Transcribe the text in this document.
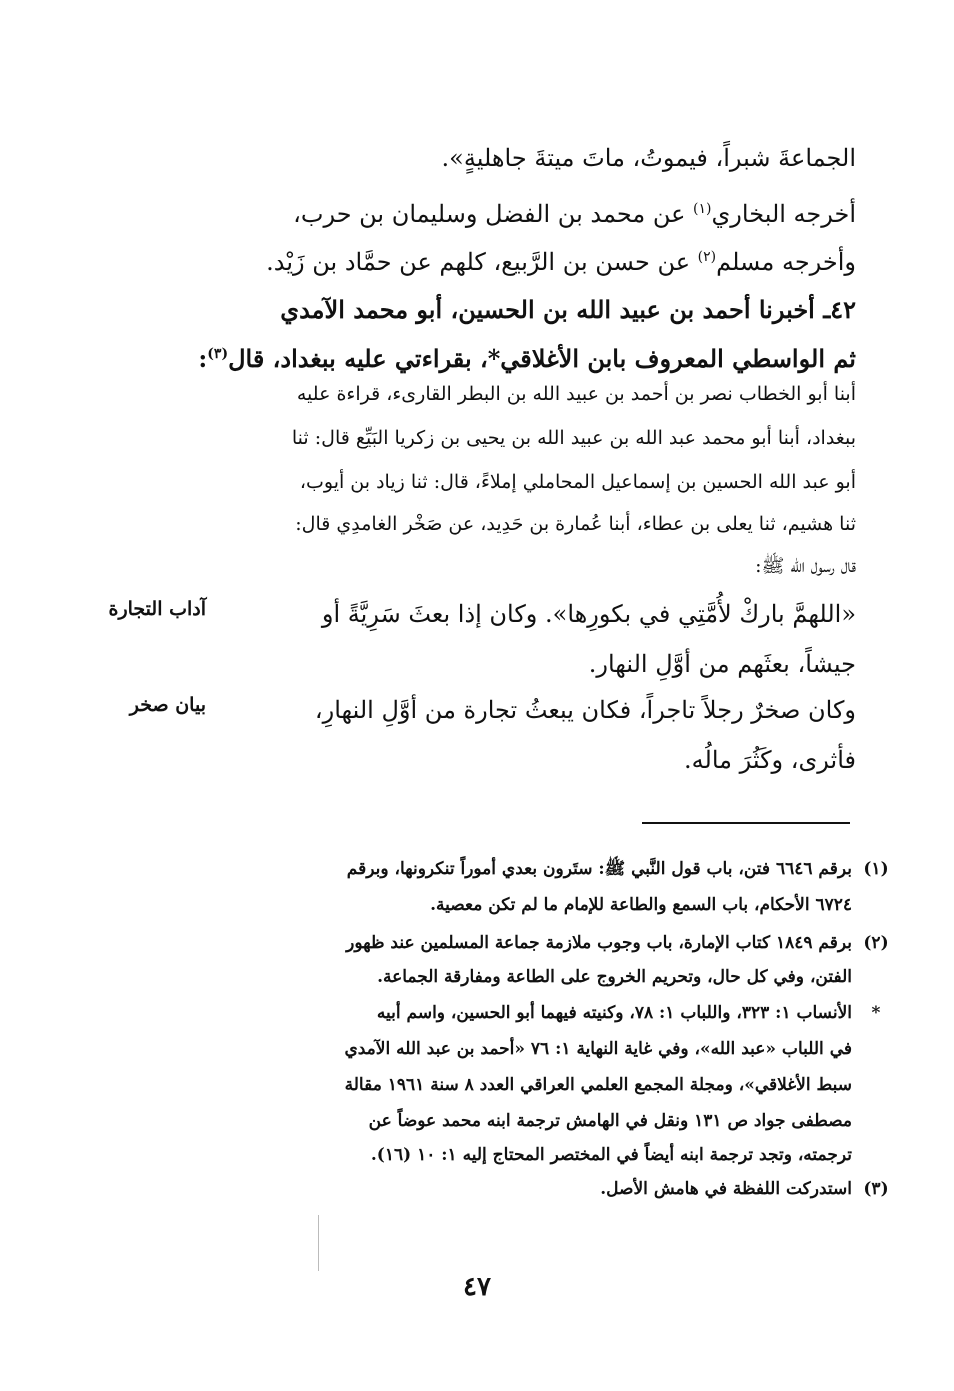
الجماعةَ شبراً، فيموتُ، ماتَ ميتةَ جاهليةٍ».
أخرجه البخاري$^{(١)}$ عن محمد بن الفضل وسليمان بن حرب،
وأخرجه مسلم$^{(٢)}$ عن حسن بن الرَّبيع، كلهم عن حمَّاد بن زَيْد.
٤٢ـ أخبرنا أحمد بن عبيد الله بن الحسين، أبو محمد الآمدي
ثم الواسطي المعروف بابن الأغلاقي*، بقراءتي عليه ببغداد، قال$^{(٣)}$:
أبنا أبو الخطاب نصر بن أحمد بن عبيد الله بن البطر القارىء، قراءة عليه
ببغداد، أبنا أبو محمد عبد الله بن عبيد الله بن يحيى بن زكريا البَيِّع قال: ثنا
أبو عبد الله الحسين بن إسماعيل المحاملي إملاءً، قال: ثنا زياد بن أيوب،
ثنا هشيم، ثنا يعلى بن عطاء، أبنا عُمارة بن حَدِيد، عن صَخْر الغامدِي قال:
قال رسول الله ﷺ:
«اللهمَّ باركْ لأُمَّتِي في بكورِها». وكان إذا بعثَ سَرِيَّةً أو
جيشاً، بعثَهم من أوَّلِ النهار.
وكان صخرٌ رجلاً تاجراً، فكان يبعثُ تجارة من أوَّلِ النهارِ،
فأثرى، وكَثُرَ مالُه.
آداب التجارة
بيان صخر
(١)
برقم ٦٦٤٦ فتن، باب قول النَّبي ﷺ: ستَرون بعدي أموراً تنكرونها، وبرقم
٦٧٢٤ الأحكام، باب السمع والطاعة للإمام ما لم تكن معصية.
(٢)
برقم ١٨٤٩ كتاب الإمارة، باب وجوب ملازمة جماعة المسلمين عند ظهور
الفتن، وفي كل حال، وتحريم الخروج على الطاعة ومفارقة الجماعة.
*
الأنساب ١: ٣٢٣، واللباب ١: ٧٨، وكنيته فيهما أبو الحسين، واسم أبيه
في اللباب «عبد الله»، وفي غاية النهاية ١: ٧٦ «أحمد بن عبد الله الآمدي
سبط الأغلاقي»، ومجلة المجمع العلمي العراقي العدد ٨ سنة ١٩٦١ مقالة
مصطفى جواد ص ١٣١ ونقل في الهامش ترجمة ابنه محمد عوضاً عن
ترجمته، وتجد ترجمة ابنه أيضاً في المختصر المحتاج إليه ١: ١٠ (١٦).
(٣)
استدركت اللفظة في هامش الأصل.
٤٧
